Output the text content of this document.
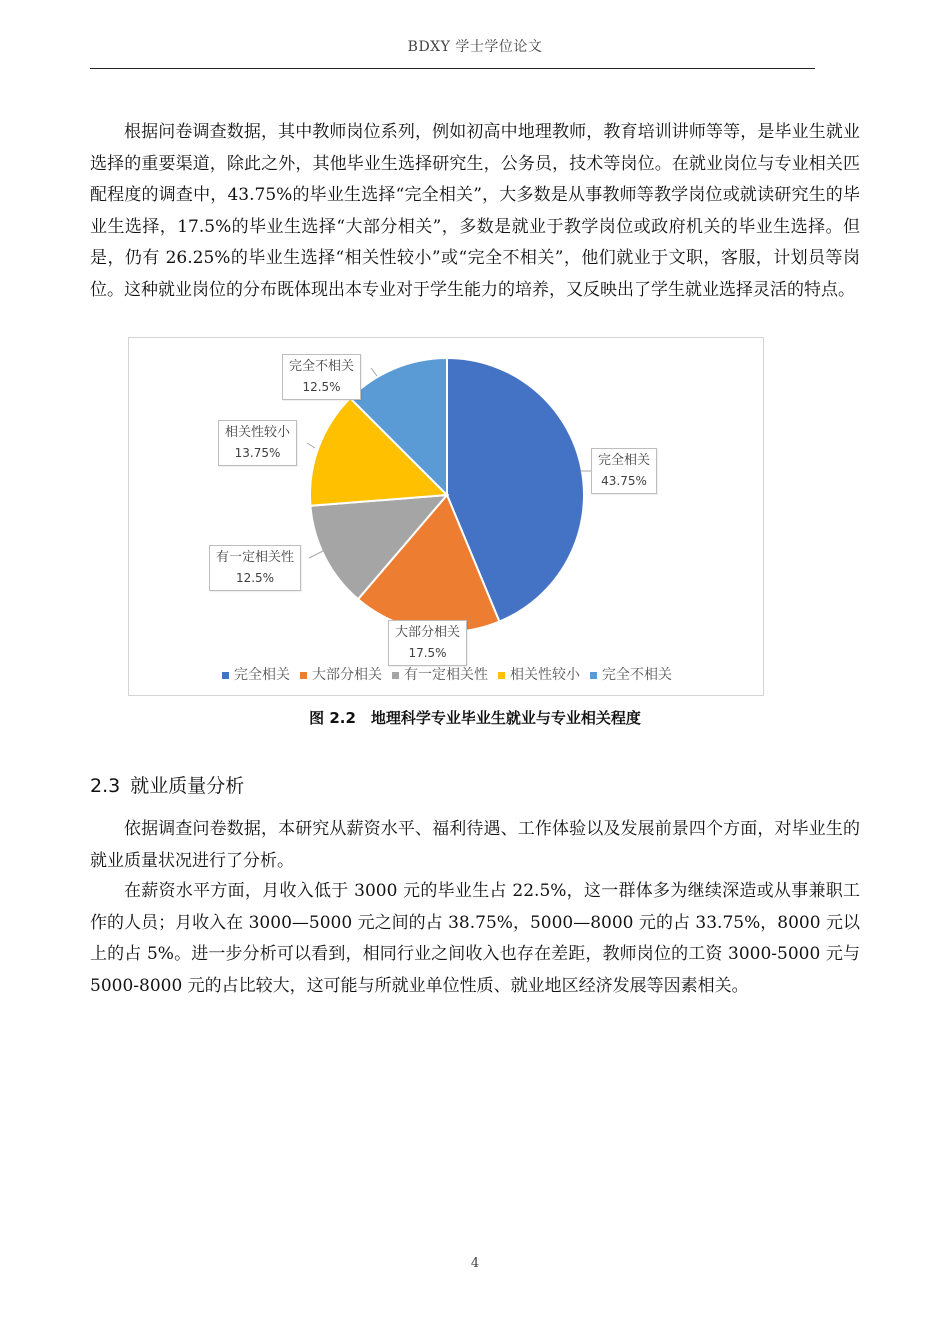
BDXY 学士学位论文

根据问卷调查数据，其中教师岗位系列，例如初高中地理教师，教育培训讲师等等，是毕业生就业选择的重要渠道，除此之外，其他毕业生选择研究生，公务员，技术等岗位。在就业岗位与专业相关匹配程度的调查中，43.75%的毕业生选择“完全相关”，大多数是从事教师等教学岗位或就读研究生的毕业生选择，17.5%的毕业生选择“大部分相关”，多数是就业于教学岗位或政府机关的毕业生选择。但是，仍有 26.25%的毕业生选择“相关性较小”或“完全不相关”，他们就业于文职，客服，计划员等岗位。这种就业岗位的分布既体现出本专业对于学生能力的培养，又反映出了学生就业选择灵活的特点。

完全相关
43.75%
大部分相关
17.5%
有一定相关性
12.5%
相关性较小
13.75%
完全不相关
12.5%
完全相关 大部分相关 有一定相关性 相关性较小 完全不相关
图 2.2　地理科学专业毕业生就业与专业相关程度
2.3 就业质量分析

依据调查问卷数据，本研究从薪资水平、福利待遇、工作体验以及发展前景四个方面，对毕业生的就业质量状况进行了分析。

在薪资水平方面，月收入低于 3000 元的毕业生占 22.5%，这一群体多为继续深造或从事兼职工作的人员；月收入在 3000—5000 元之间的占 38.75%，5000—8000 元的占 33.75%，8000 元以上的占 5%。进一步分析可以看到，相同行业之间收入也存在差距，教师岗位的工资 3000-5000 元与 5000-8000 元的占比较大，这可能与所就业单位性质、就业地区经济发展等因素相关。

4
